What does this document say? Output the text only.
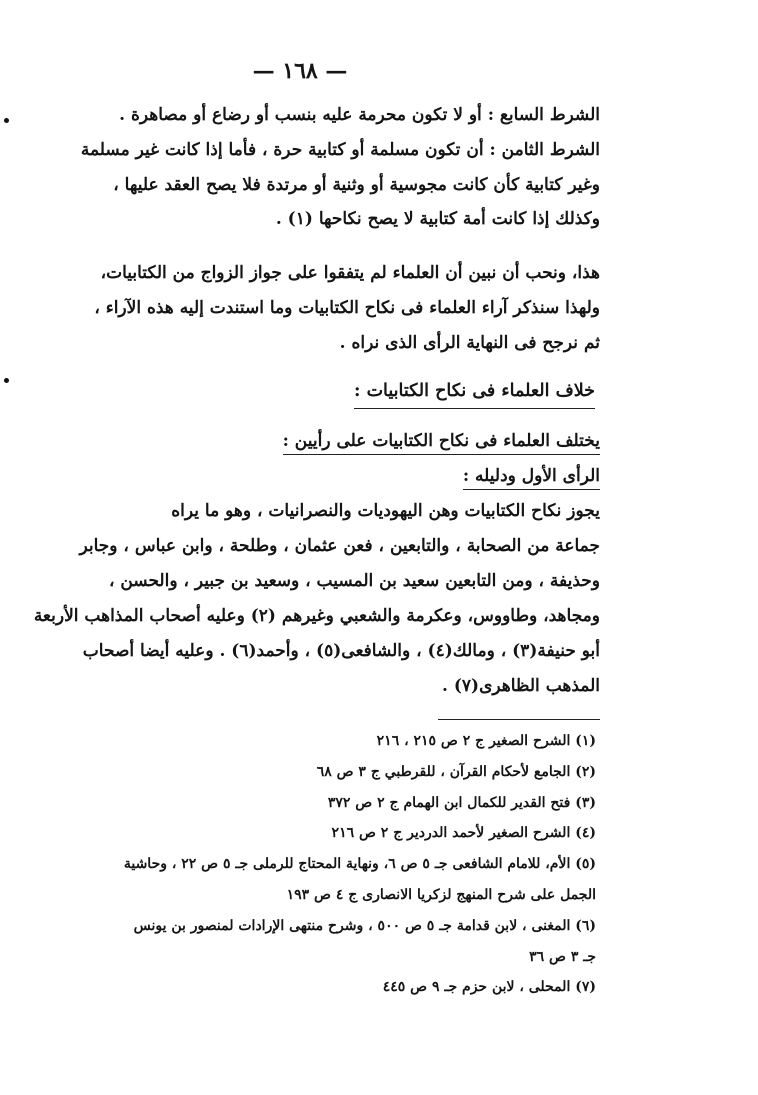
— ١٦٨ —
الشرط السابع : أو لا تكون محرمة عليه بنسب أو رضاع أو مصاهرة .
الشرط الثامن : أن تكون مسلمة أو كتابية حرة ، فأما إذا كانت غير مسلمة
وغير كتابية كأن كانت مجوسية أو وثنية أو مرتدة فلا يصح العقد عليها ،
وكذلك إذا كانت أمة كتابية لا يصح نكاحها (١) .
هذا، ونحب أن نبين أن العلماء لم يتفقوا على جواز الزواج من الكتابيات،
ولهذا سنذكر آراء العلماء فى نكاح الكتابيات وما استندت إليه هذه الآراء ،
ثم نرجح فى النهاية الرأى الذى نراه .
خلاف العلماء فى نكاح الكتابيات :
يختلف العلماء فى نكاح الكتابيات على رأيين :
الرأى الأول ودليله :
يجوز نكاح الكتابيات وهن اليهوديات والنصرانيات ، وهو ما يراه
جماعة من الصحابة ، والتابعين ، فعن عثمان ، وطلحة ، وابن عباس ، وجابر
وحذيفة ، ومن التابعين سعيد بن المسيب ، وسعيد بن جبير ، والحسن ،
ومجاهد، وطاووس، وعكرمة والشعبي وغيرهم (٢) وعليه أصحاب المذاهب الأربعة
أبو حنيفة(٣) ، ومالك(٤) ، والشافعى(٥) ، وأحمد(٦) . وعليه أيضا أصحاب
المذهب الظاهرى(٧) .
(١) الشرح الصغير ج ٢ ص ٢١٥ ، ٢١٦
(٢) الجامع لأحكام القرآن ، للقرطبي ج ٣ ص ٦٨
(٣) فتح القدير للكمال ابن الهمام ج ٢ ص ٣٧٢
(٤) الشرح الصغير لأحمد الدردير ج ٢ ص ٢١٦
(٥) الأم، للامام الشافعى جـ ٥ ص ٦، ونهاية المحتاج للرملى جـ ٥ ص ٢٢ ، وحاشية
الجمل على شرح المنهج لزكريا الانصارى ج ٤ ص ١٩٣
(٦) المغنى ، لابن قدامة جـ ٥ ص ٥٠٠ ، وشرح منتهى الإرادات لمنصور بن يونس
جـ ٣ ص ٣٦
(٧) المحلى ، لابن حزم جـ ٩ ص ٤٤٥
